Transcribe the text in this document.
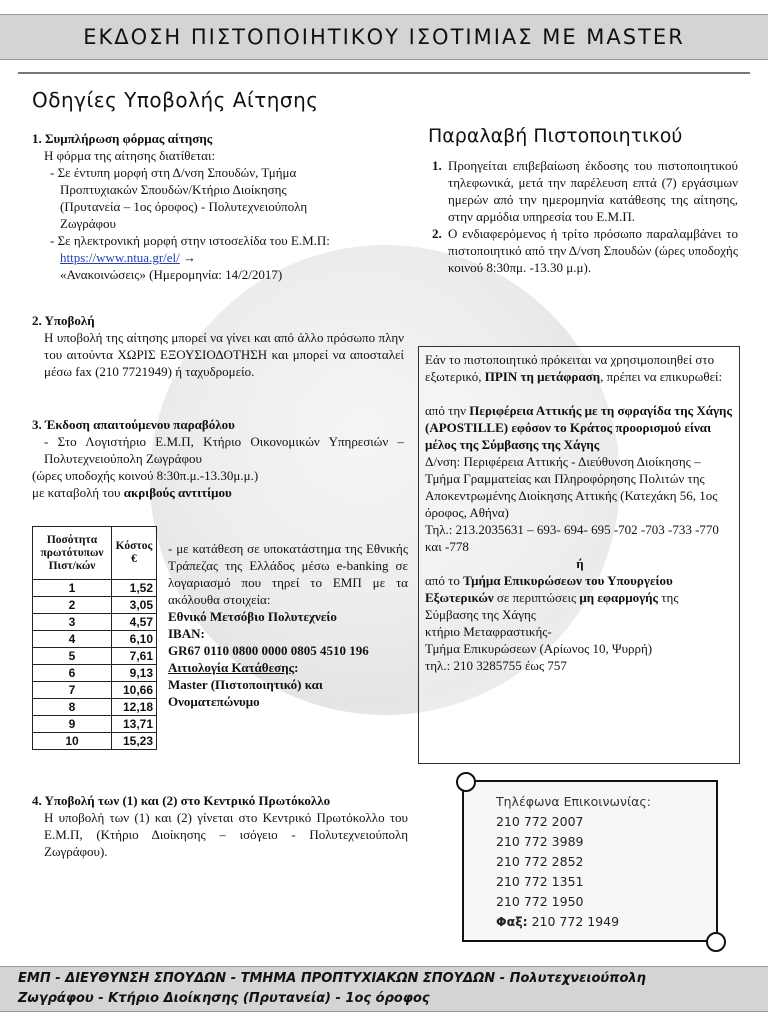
ΕΚΔΟΣΗ ΠΙΣΤΟΠΟΙΗΤΙΚΟΥ ΙΣΟΤΙΜΙΑΣ ΜΕ MASTER
Οδηγίες Υποβολής Αίτησης
1. Συμπλήρωση φόρμας αίτησης
Η φόρμα της αίτησης διατίθεται:
- Σε έντυπη μορφή στη Δ/νση Σπουδών, Τμήμα
Προπτυχιακών Σπουδών/Κτήριο Διοίκησης
(Πρυτανεία – 1ος όροφος) - Πολυτεχνειούπολη
Ζωγράφου
- Σε ηλεκτρονική μορφή στην ιστοσελίδα του Ε.Μ.Π:
https://www.ntua.gr/el/ →
«Ανακοινώσεις» (Ημερομηνία: 14/2/2017)
2. Υποβολή
Η υποβολή της αίτησης μπορεί να γίνει και από άλλο πρόσωπο πλην του αιτούντα ΧΩΡΙΣ ΕΞΟΥΣΙΟΔΟΤΗΣΗ και μπορεί να αποσταλεί μέσω fax (210 7721949) ή ταχυδρομείο.
3. Έκδοση απαιτούμενου παραβόλου
- Στο Λογιστήριο Ε.Μ.Π, Κτήριο Οικονομικών Υπηρεσιών – Πολυτεχνειούπολη Ζωγράφου
(ώρες υποδοχής κοινού 8:30π.μ.-13.30μ.μ.)
με καταβολή του ακριβούς αντιτίμου
Ποσότητα πρωτότυπων Πιστ/κών	Κόστος €
1	1,52
2	3,05
3	4,57
4	6,10
5	7,61
6	9,13
7	10,66
8	12,18
9	13,71
10	15,23
- με κατάθεση σε υποκατάστημα της Εθνικής Τράπεζας της Ελλάδος μέσω e-banking σε λογαριασμό που τηρεί το ΕΜΠ με τα ακόλουθα στοιχεία:
Εθνικό Μετσόβιο Πολυτεχνείο
IBAN:
GR67 0110 0800 0000 0805 4510 196
Αιτιολογία Κατάθεσης:
Master (Πιστοποιητικό) και Ονοματεπώνυμο
4. Υποβολή των (1) και (2) στο Κεντρικό Πρωτόκολλο
Η υποβολή των (1) και (2) γίνεται στο Κεντρικό Πρωτόκολλο του Ε.Μ.Π, (Κτήριο Διοίκησης – ισόγειο - Πολυτεχνειούπολη Ζωγράφου).
Παραλαβή Πιστοποιητικού
1. Προηγείται επιβεβαίωση έκδοσης του πιστοποιητικού τηλεφωνικά, μετά την παρέλευση επτά (7) εργάσιμων ημερών από την ημερομηνία κατάθεσης της αίτησης, στην αρμόδια υπηρεσία του Ε.Μ.Π.
2. Ο ενδιαφερόμενος ή τρίτο πρόσωπο παραλαμβάνει το πιστοποιητικό από την Δ/νση Σπουδών (ώρες υποδοχής κοινού 8:30πμ. -13.30 μ.μ).

Εάν το πιστοποιητικό πρόκειται να χρησιμοποιηθεί στο εξωτερικό, ΠΡΙΝ τη μετάφραση, πρέπει να επικυρωθεί:

από την Περιφέρεια Αττικής με τη σφραγίδα της Χάγης (APOSTILLE) εφόσον το Κράτος προορισμού είναι μέλος της Σύμβασης της Χάγης

Δ/νση: Περιφέρεια Αττικής - Διεύθυνση Διοίκησης – Τμήμα Γραμματείας και Πληροφόρησης Πολιτών της Αποκεντρωμένης Διοίκησης Αττικής (Κατεχάκη 56, 1ος όροφος, Αθήνα)

Τηλ.: 213.2035631 – 693- 694- 695 -702 -703 -733 -770 και -778

ή

από το Τμήμα Επικυρώσεων του Υπουργείου Εξωτερικών σε περιπτώσεις μη εφαρμογής της Σύμβασης της Χάγης

κτήριο Μεταφραστικής-

Τμήμα Επικυρώσεων (Αρίωνος 10, Ψυρρή)

τηλ.: 210 3285755 έως 757

Τηλέφωνα Επικοινωνίας:
210 772 2007
210 772 3989
210 772 2852
210 772 1351
210 772 1950
Φαξ: 210 772 1949
ΕΜΠ - ΔΙΕΥΘΥΝΣΗ ΣΠΟΥΔΩΝ - ΤΜΗΜΑ ΠΡΟΠΤΥΧΙΑΚΩΝ ΣΠΟΥΔΩΝ - Πολυτεχνειούπολη
Ζωγράφου - Κτήριο Διοίκησης (Πρυτανεία) - 1ος όροφος
